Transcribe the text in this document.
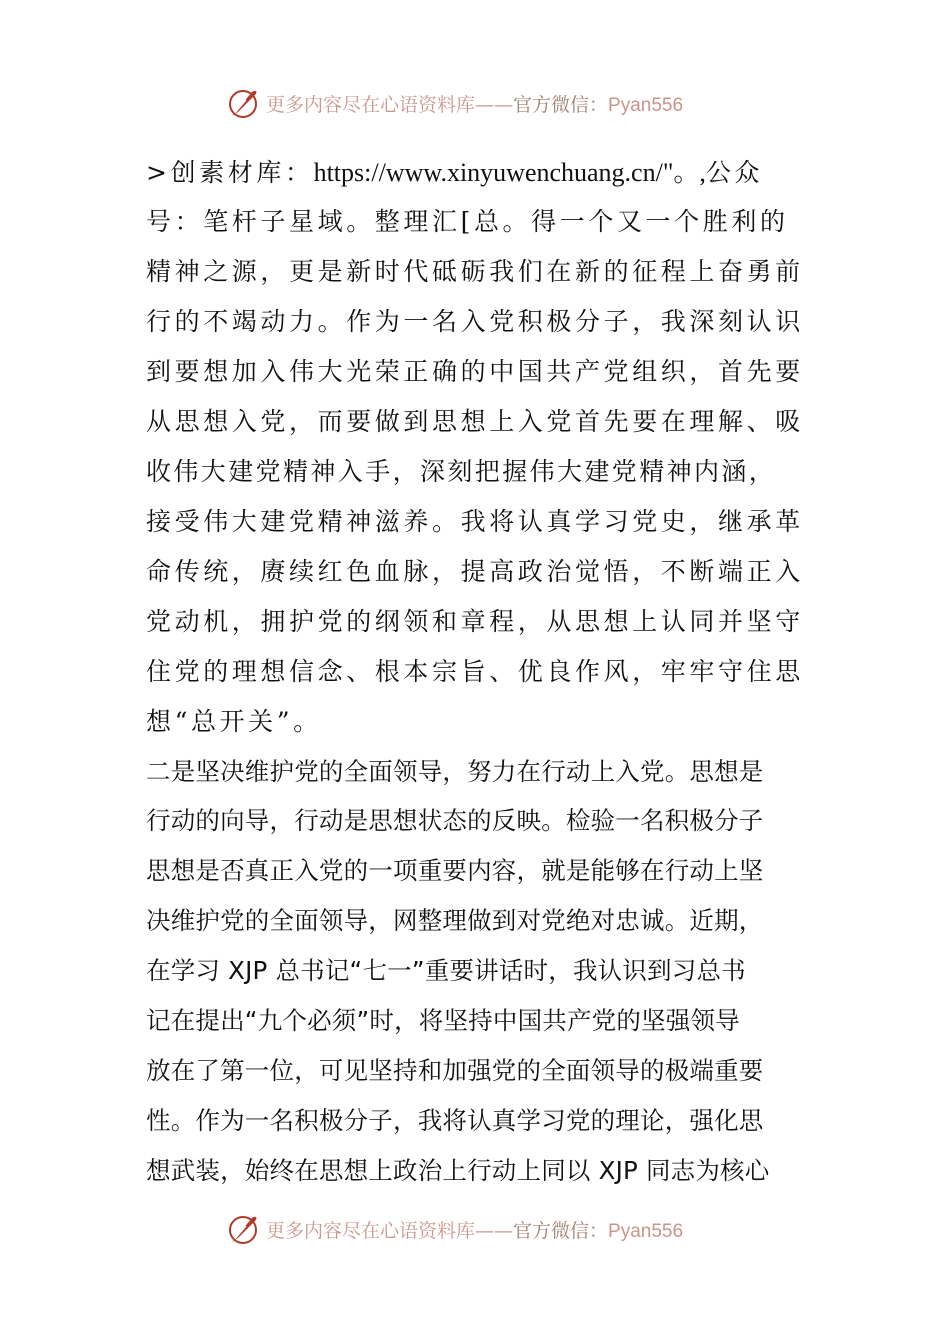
更多内容尽在心语资料库——官方微信：Pyan556
>创素材库：https://www.xinyuwenchuang.cn/"。,公众
号：笔杆子星域。整理汇[总。得一个又一个胜利的
精神之源，更是新时代砥砺我们在新的征程上奋勇前
行的不竭动力。作为一名入党积极分子，我深刻认识
到要想加入伟大光荣正确的中国共产党组织，首先要
从思想入党，而要做到思想上入党首先要在理解、吸
收伟大建党精神入手，深刻把握伟大建党精神内涵，
接受伟大建党精神滋养。我将认真学习党史，继承革
命传统，赓续红色血脉，提高政治觉悟，不断端正入
党动机，拥护党的纲领和章程，从思想上认同并坚守
住党的理想信念、根本宗旨、优良作风，牢牢守住思
想“总开关”。
二是坚决维护党的全面领导，努力在行动上入党。思想是
行动的向导，行动是思想状态的反映。检验一名积极分子
思想是否真正入党的一项重要内容，就是能够在行动上坚
决维护党的全面领导，网整理做到对党绝对忠诚。近期，
在学习 XJP 总书记“七一”重要讲话时，我认识到习总书
记在提出“九个必须”时，将坚持中国共产党的坚强领导
放在了第一位，可见坚持和加强党的全面领导的极端重要
性。作为一名积极分子，我将认真学习党的理论，强化思
想武装，始终在思想上政治上行动上同以 XJP 同志为核心
更多内容尽在心语资料库——官方微信：Pyan556
